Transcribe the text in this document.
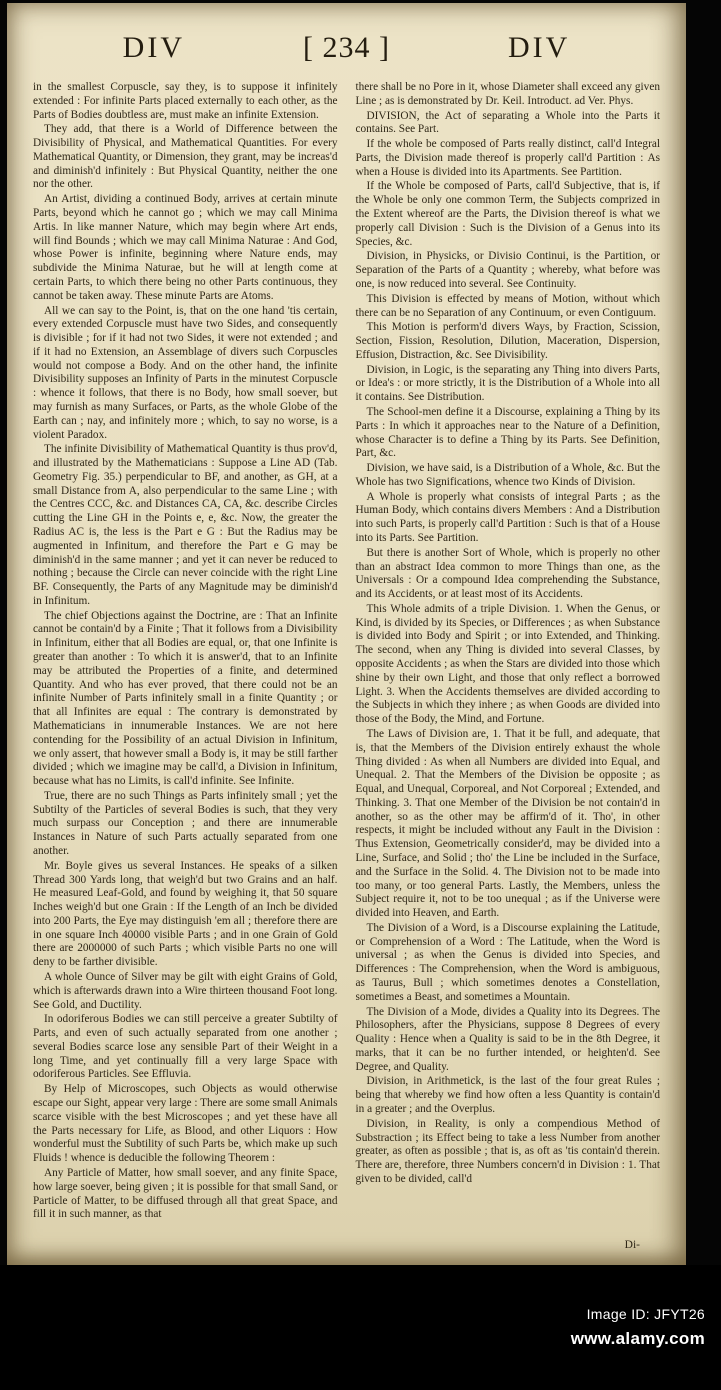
DIV	[ 234 ]	DIV

in the smallest Corpuscle, say they, is to suppose it infinitely extended : For infinite Parts placed externally to each other, as the Parts of Bodies doubtless are, must make an infinite Extension.

They add, that there is a World of Difference between the Divisibility of Physical, and Mathematical Quantities. For every Mathematical Quantity, or Dimension, they grant, may be increas'd and diminish'd infinitely : But Physical Quantity, neither the one nor the other.

An Artist, dividing a continued Body, arrives at certain minute Parts, beyond which he cannot go ; which we may call Minima Artis. In like manner Nature, which may begin where Art ends, will find Bounds ; which we may call Minima Naturae : And God, whose Power is infinite, beginning where Nature ends, may subdivide the Minima Naturae, but he will at length come at certain Parts, to which there being no other Parts continuous, they cannot be taken away. These minute Parts are Atoms.

All we can say to the Point, is, that on the one hand 'tis certain, every extended Corpuscle must have two Sides, and consequently is divisible ; for if it had not two Sides, it were not extended ; and if it had no Extension, an Assemblage of divers such Corpuscles would not compose a Body. And on the other hand, the infinite Divisibility supposes an Infinity of Parts in the minutest Corpuscle : whence it follows, that there is no Body, how small soever, but may furnish as many Surfaces, or Parts, as the whole Globe of the Earth can ; nay, and infinitely more ; which, to say no worse, is a violent Paradox.

The infinite Divisibility of Mathematical Quantity is thus prov'd, and illustrated by the Mathematicians : Suppose a Line AD (Tab. Geometry Fig. 35.) perpendicular to BF, and another, as GH, at a small Distance from A, also perpendicular to the same Line ; with the Centres CCC, &c. and Distances CA, CA, &c. describe Circles cutting the Line GH in the Points e, e, &c. Now, the greater the Radius AC is, the less is the Part e G : But the Radius may be augmented in Infinitum, and therefore the Part e G may be diminish'd in the same manner ; and yet it can never be reduced to nothing ; because the Circle can never coincide with the right Line BF. Consequently, the Parts of any Magnitude may be diminish'd in Infinitum.

The chief Objections against the Doctrine, are : That an Infinite cannot be contain'd by a Finite ; That it follows from a Divisibility in Infinitum, either that all Bodies are equal, or, that one Infinite is greater than another : To which it is answer'd, that to an Infinite may be attributed the Properties of a finite, and determined Quantity. And who has ever proved, that there could not be an infinite Number of Parts infinitely small in a finite Quantity ; or that all Infinites are equal : The contrary is demonstrated by Mathematicians in innumerable Instances. We are not here contending for the Possibility of an actual Division in Infinitum, we only assert, that however small a Body is, it may be still farther divided ; which we imagine may be call'd, a Division in Infinitum, because what has no Limits, is call'd infinite. See Infinite.

True, there are no such Things as Parts infinitely small ; yet the Subtilty of the Particles of several Bodies is such, that they very much surpass our Conception ; and there are innumerable Instances in Nature of such Parts actually separated from one another.

Mr. Boyle gives us several Instances. He speaks of a silken Thread 300 Yards long, that weigh'd but two Grains and an half. He measured Leaf-Gold, and found by weighing it, that 50 square Inches weigh'd but one Grain : If the Length of an Inch be divided into 200 Parts, the Eye may distinguish 'em all ; therefore there are in one square Inch 40000 visible Parts ; and in one Grain of Gold there are 2000000 of such Parts ; which visible Parts no one will deny to be farther divisible.

A whole Ounce of Silver may be gilt with eight Grains of Gold, which is afterwards drawn into a Wire thirteen thousand Foot long. See Gold, and Ductility.

In odoriferous Bodies we can still perceive a greater Subtilty of Parts, and even of such actually separated from one another ; several Bodies scarce lose any sensible Part of their Weight in a long Time, and yet continually fill a very large Space with odoriferous Particles. See Effluvia.

By Help of Microscopes, such Objects as would otherwise escape our Sight, appear very large : There are some small Animals scarce visible with the best Microscopes ; and yet these have all the Parts necessary for Life, as Blood, and other Liquors : How wonderful must the Subtility of such Parts be, which make up such Fluids ! whence is deducible the following Theorem :

Any Particle of Matter, how small soever, and any finite Space, how large soever, being given ; it is possible for that small Sand, or Particle of Matter, to be diffused through all that great Space, and fill it in such manner, as that

there shall be no Pore in it, whose Diameter shall exceed any given Line ; as is demonstrated by Dr. Keil. Introduct. ad Ver. Phys.

DIVISION, the Act of separating a Whole into the Parts it contains. See Part.

If the whole be composed of Parts really distinct, call'd Integral Parts, the Division made thereof is properly call'd Partition : As when a House is divided into its Apartments. See Partition.

If the Whole be composed of Parts, call'd Subjective, that is, if the Whole be only one common Term, the Subjects comprized in the Extent whereof are the Parts, the Division thereof is what we properly call Division : Such is the Division of a Genus into its Species, &c.

Division, in Physicks, or Divisio Continui, is the Partition, or Separation of the Parts of a Quantity ; whereby, what before was one, is now reduced into several. See Continuity.

This Division is effected by means of Motion, without which there can be no Separation of any Continuum, or even Contiguum.

This Motion is perform'd divers Ways, by Fraction, Scission, Section, Fission, Resolution, Dilution, Maceration, Dispersion, Effusion, Distraction, &c. See Divisibility.

Division, in Logic, is the separating any Thing into divers Parts, or Idea's : or more strictly, it is the Distribution of a Whole into all it contains. See Distribution.

The School-men define it a Discourse, explaining a Thing by its Parts : In which it approaches near to the Nature of a Definition, whose Character is to define a Thing by its Parts. See Definition, Part, &c.

Division, we have said, is a Distribution of a Whole, &c. But the Whole has two Significations, whence two Kinds of Division.

A Whole is properly what consists of integral Parts ; as the Human Body, which contains divers Members : And a Distribution into such Parts, is properly call'd Partition : Such is that of a House into its Parts. See Partition.

But there is another Sort of Whole, which is properly no other than an abstract Idea common to more Things than one, as the Universals : Or a compound Idea comprehending the Substance, and its Accidents, or at least most of its Accidents.

This Whole admits of a triple Division. 1. When the Genus, or Kind, is divided by its Species, or Differences ; as when Substance is divided into Body and Spirit ; or into Extended, and Thinking. The second, when any Thing is divided into several Classes, by opposite Accidents ; as when the Stars are divided into those which shine by their own Light, and those that only reflect a borrowed Light. 3. When the Accidents themselves are divided according to the Subjects in which they inhere ; as when Goods are divided into those of the Body, the Mind, and Fortune.

The Laws of Division are, 1. That it be full, and adequate, that is, that the Members of the Division entirely exhaust the whole Thing divided : As when all Numbers are divided into Equal, and Unequal. 2. That the Members of the Division be opposite ; as Equal, and Unequal, Corporeal, and Not Corporeal ; Extended, and Thinking. 3. That one Member of the Division be not contain'd in another, so as the other may be affirm'd of it. Tho', in other respects, it might be included without any Fault in the Division : Thus Extension, Geometrically consider'd, may be divided into a Line, Surface, and Solid ; tho' the Line be included in the Surface, and the Surface in the Solid. 4. The Division not to be made into too many, or too general Parts. Lastly, the Members, unless the Subject require it, not to be too unequal ; as if the Universe were divided into Heaven, and Earth.

The Division of a Word, is a Discourse explaining the Latitude, or Comprehension of a Word : The Latitude, when the Word is universal ; as when the Genus is divided into Species, and Differences : The Comprehension, when the Word is ambiguous, as Taurus, Bull ; which sometimes denotes a Constellation, sometimes a Beast, and sometimes a Mountain.

The Division of a Mode, divides a Quality into its Degrees. The Philosophers, after the Physicians, suppose 8 Degrees of every Quality : Hence when a Quality is said to be in the 8th Degree, it marks, that it can be no further intended, or heighten'd. See Degree, and Quality.

Division, in Arithmetick, is the last of the four great Rules ; being that whereby we find how often a less Quantity is contain'd in a greater ; and the Overplus.

Division, in Reality, is only a compendious Method of Substraction ; its Effect being to take a less Number from another greater, as often as possible ; that is, as oft as 'tis contain'd therein. There are, therefore, three Numbers concern'd in Division : 1. That given to be divided, call'd

Di-
Image ID: JFYT26
www.alamy.com
